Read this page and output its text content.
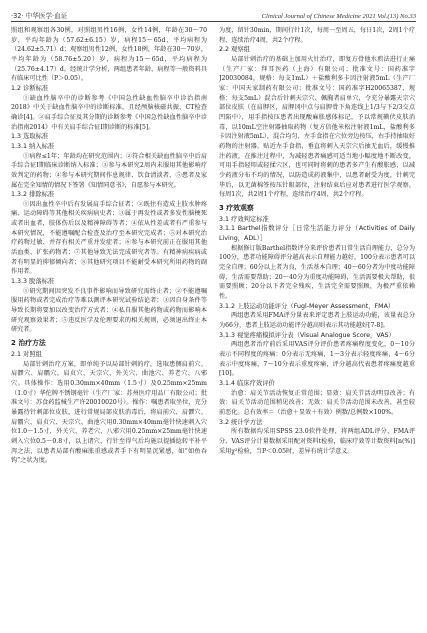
·32· 中华医学·血证	Clinical Journal of Chinese Medicine 2021 Vol.(13) No.33

照组和观察组各30例，对照组男性16例，女性14例，年龄在30～70岁，平均年龄为（57.62±6.15）岁，病程15～65d，平均病程为（24.62±5.71）d；观察组男性12例，女性18例，年龄在30～70岁，平均年龄为（58.76±5.20）岁，病程为15～65d，平均病程为（25.76±4.17）d。经统计学分析，两组患者年龄、病程等一般资料具有临床可比性（P＞0.05）。

1.2 诊断标准

①缺血性脑卒中的诊断参考《中国急性缺血性脑卒中诊治指南2018》中关于缺血性脑卒中的诊断标准，且经颅脑核磁共振、CT检查确诊[4]。②肩手综合征及其分期的诊断参考《中国急性缺血性脑卒中诊治指南2014》中有关肩手综合征Ⅰ期诊断的标准[5]。

1.3 选取标准
1.3.1 纳入标准

①病程≤1年；年龄均在研究范围内；②符合相关缺血性脑卒中后肩手综合征Ⅰ期临床诊断纳入标准；③参与本研究2周内未服用其他影响疗效判定的药物；④参与本研究期间作息规律、饮食清淡者、⑤患者及家属在完全知情的情况下签署《知情同意书》，自愿参与本研究。

1.3.2 排除标准

①因出血性卒中后有发展肩手综合征者；②既往有造成上肢水肿疼痛、运动障碍等其他相关疾病病史者；③属于再发性或者多发性脑梗死或者出血者，肢体伤后以及精神障碍等者；④依从性差或者有严重参与本研究情况，不能遵嘱配合检查及治疗至本研究完成者；⑤对本研究治疗药物过敏、并存有相关严重并发症者；⑥参与本研究前正在服用其他活血类、扩张药物者；⑦其他导致无法完成研究者等。有精神病疾病或者有明显的抑郁倾向者；⑧其他研究项目不能耐受本研究所用药物的副作用者。

1.3.3 脱落标准

①研究期间因突发不良事件影响而导致研究需终止者；②不能遵嘱服用药物或者完成治疗等难以测评本研究试验结论者；③因自身条件等导致长期将要加以改变治疗方式者；④私自服其他药物或药物而影响本研究观察效果者；⑤违反医学及伦理要求的相关规则，必须退出终止本研究者。

2 治疗方法
2.1 对照组

局部针刺治疗方案，即单纯予以局部针刺的疗，选取患侧肩前穴、肩髎穴、肩髃穴、肩贞穴、天宗穴、外关穴、曲池穴、养老穴、八邪穴。具体操作：选用0.30mm×40mm（1.5寸）及0.25mm×25mm（1.0寸）华佗牌不锈钢毫针（生产厂家：苏州医疗用品厂有限公司；批准文号：苏食药监械生产许20010020号）。操作：嘱患者取坐位，充分暴露待针刺部位皮肤，进行常规局部皮肤消毒后，将肩前穴、肩髎穴、肩髃穴、肩贞穴、天宗穴、曲池穴用0.30mm×40mm毫针快速刺入穴位1.0～1.5寸，外关穴、养老穴、八邪穴用0.25mm×25mm毫针快速刺入穴位0.5～0.8寸，以上诸穴，行针至得气后均施以提插捻转平补平泻之法，以患者局部有酸麻胀重感或者手下有明显沉紧感，如“如鱼吞钩”之状为度。

为度，留针30min，期间行针1次，每周一至周五，每日1次，2周1个疗程，连续治疗4周，共2个疗程。

2.2 观察组

局部针刺治疗的基础上加用火针治疗，即复方骨他水煎法进行止痛（生产厂家：拜耳医药（上海）有限公司；批准文号：国药准字J20030084，规格：每支1mL）＋盐酸利多卡因注射液5mL（生产厂家：中国天家制药有限公司；批准文号：国药准字H20065387，规格：每支5mL）混合后针刺天宗穴、佩胸者肩单穴，令充分暴露天宗穴部位皮肤（在肩胛区，肩胛冈中点与肩胛骨下角连线上1/3与下2/3交点凹陷中），用手指按压患者出现酸麻胀感体标记，予以常规碘伏皮肤消毒，以10mL空注射器抽取药物（复方倍他米松注射液1mL，盐酸利多卡因注射液5mL），混合均匀，左手食指在穴位旁边按压，右手持抽取好药物的注射器，贴近左手食指，垂直将刺入天宗穴后抽无血后，缓慢推注药液，在推注过程中，为减轻患者痛感可适当地小幅度地不断改变，可用手指轻叩或轻揉穴区，也可同时将刺的患者多产生有酸胀感，以减少药液分布不均的情况，以防造成药液集中，以患者耐受为度，针刺完毕后，以无菌棉签按压针眼部位，注射结束后应对患者进行医学观察，每周1次，共2周1个疗程，连续治疗4周，共2个疗程。

3 疗效观察
3.1 疗效判定标准
3.1.1 Barthel指数评分［日常生活能力评分（Activities of Daily Living，ADL）］

根据修订版Barthel指数评分来评价患者日常生活自理能力，总分为100分，患者功能障碍评分越高表示自理能力越好，100分表示患者可以完全自理；60分以上者为良，生活基本自理；40～60分者为中度功能障碍，生活需要帮助；20～40分为重度功能障碍，生活需要极大帮助，很需要照顾；20分以下者完全残疾，生活完全需要照顾，为极严重依赖性。

3.1.2 上肢运动功能评分（Fugl-Meyer Assessment，FMA）

两组患者采用FMA评分量表来评定患者上肢运动功能，该量表总分为66分，患者上肢运动功能评分越高则表示其功能越好[7-8]。

3.1.3 视觉疼痛模拟评分表（Visual Analogue Score，VAS）

两组患者治疗前后采用VAS评分评价患者疼痛程度变化，0～10分表示不同程度的疼痛：0分表示无疼痛，1～3分表示轻度疼痛，4～6分表示中度疼痛，7～10分表示重度疼痛，评分越高代表患者疼痛度越重[10]。

3.1.4 临床疗效评价

治愈：肩关节活动恢复正常范围；显效：肩关节活动明显改善；有效：肩关节活动范围稍见改善；无效：肩关节活动范围未改善，甚至较前恶化。总有效率＝（治愈＋显效＋有效）例数/总例数×100%。

3.2 统计学方法

所有数据均采用SPSS 23.0软件处理，将两组ADL评分、FMA评分、VAS评分计量数据采用配对资料t检验，临床疗效等计数资料[n(%)]采用χ²检验，当P＜0.05时，差异有统计学意义。
